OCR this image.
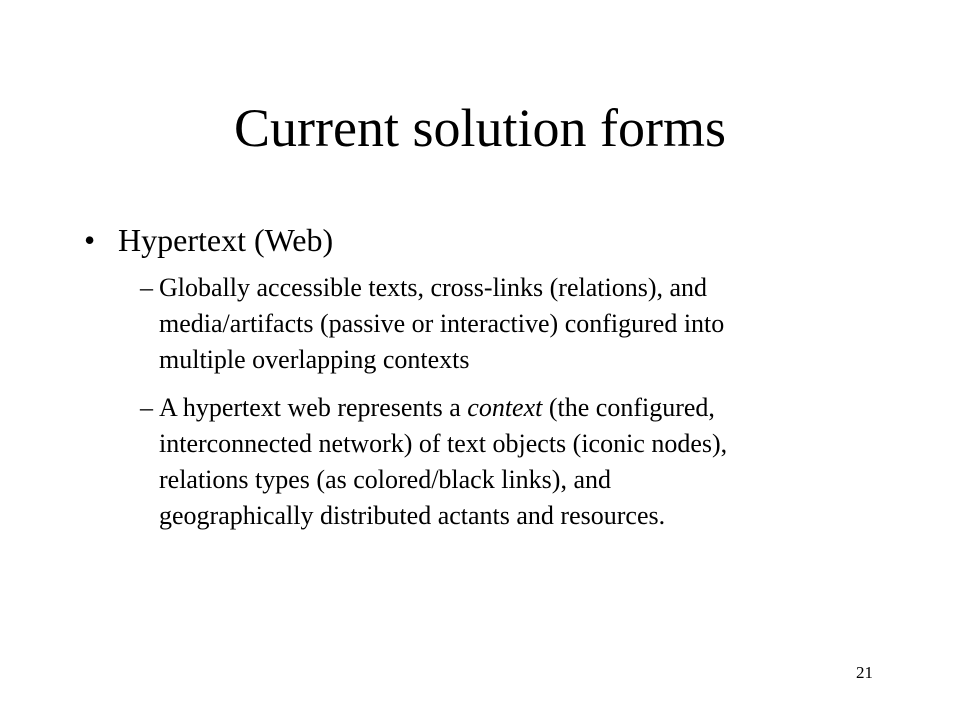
Current solution forms
• Hypertext (Web)
– Globally accessible texts, cross-links (relations), and
media/artifacts (passive or interactive) configured into
multiple overlapping contexts
– A hypertext web represents a context (the configured,
interconnected network) of text objects (iconic nodes),
relations types (as colored/black links), and
geographically distributed actants and resources.
21
